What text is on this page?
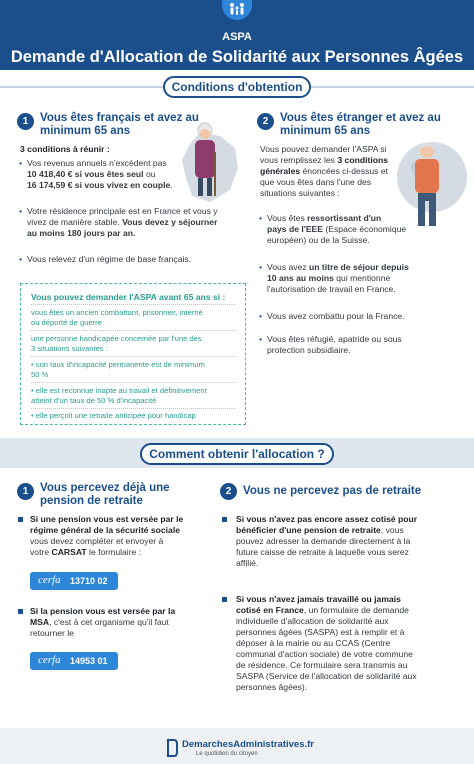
ASPA
Demande d'Allocation de Solidarité aux Personnes Âgées
Conditions d'obtention
1	Vous êtes français et avez au
minimum 65 ans
3 conditions à réunir :
• Vos revenus annuels n'excèdent pas
10 418,40 € si vous êtes seul ou
16 174,59 € si vous vivez en couple.
• Votre résidence principale est en France et vous y
vivez de manière stable. Vous devez y séjourner
au moins 180 jours par an.
• Vous relevez d'un régime de base français.
Vous pouvez demander l'ASPA avant 65 ans si :
vous êtes un ancien combattant, prisonnier, interné
ou déporté de guerre
une personne handicapée concernée par l'une des
3 situations suivantes :
• son taux d'incapacité permanente est de minimum
50 %
• elle est reconnue inapte au travail et définitivement
atteint d'un taux de 50 % d'incapacité
• elle perçoit une retraite anticipée pour handicap
2	Vous êtes étranger et avez au
minimum 65 ans
Vous pouvez demander l'ASPA si
vous remplissez les 3 conditions
générales énoncées ci-dessus et
que vous êtes dans l'une des
situations suivantes :
• Vous êtes ressortissant d'un
pays de l'EEE (Espace économique
européen) ou de la Suisse.
• Vous avez un titre de séjour depuis
10 ans au moins qui mentionne
l'autorisation de travail en France.
• Vous avez combattu pour la France.
• Vous êtes réfugié, apatride ou sous
protection subsidiaire.
Comment obtenir l'allocation ?
1	Vous percevez déjà une
pension de retraite
Si une pension vous est versée par le
régime général de la sécurité sociale
vous devez compléter et envoyer à
votre CARSAT le formulaire :
cerfa 13710 02
Si la pension vous est versée par la
MSA, c'est à cet organisme qu'il faut
retourner le
cerfa 14953 01
2	Vous ne percevez pas de retraite
Si vous n'avez pas encore assez cotisé pour
bénéficier d'une pension de retraite, vous
pouvez adresser la demande directement à la
future caisse de retraite à laquelle vous serez
affilié.
Si vous n'avez jamais travaillé ou jamais
cotisé en France, un formulaire de demande
individuelle d'allocation de solidarité aux
personnes âgées (SASPA) est à remplir et à
déposer à la mairie ou au CCAS (Centre
communal d'action sociale) de votre commune
de résidence. Ce formulaire sera transmis au
SASPA (Service de l'allocation de solidarité aux
personnes âgées).
DemarchesAdministratives.fr
Le quotidien du citoyen
